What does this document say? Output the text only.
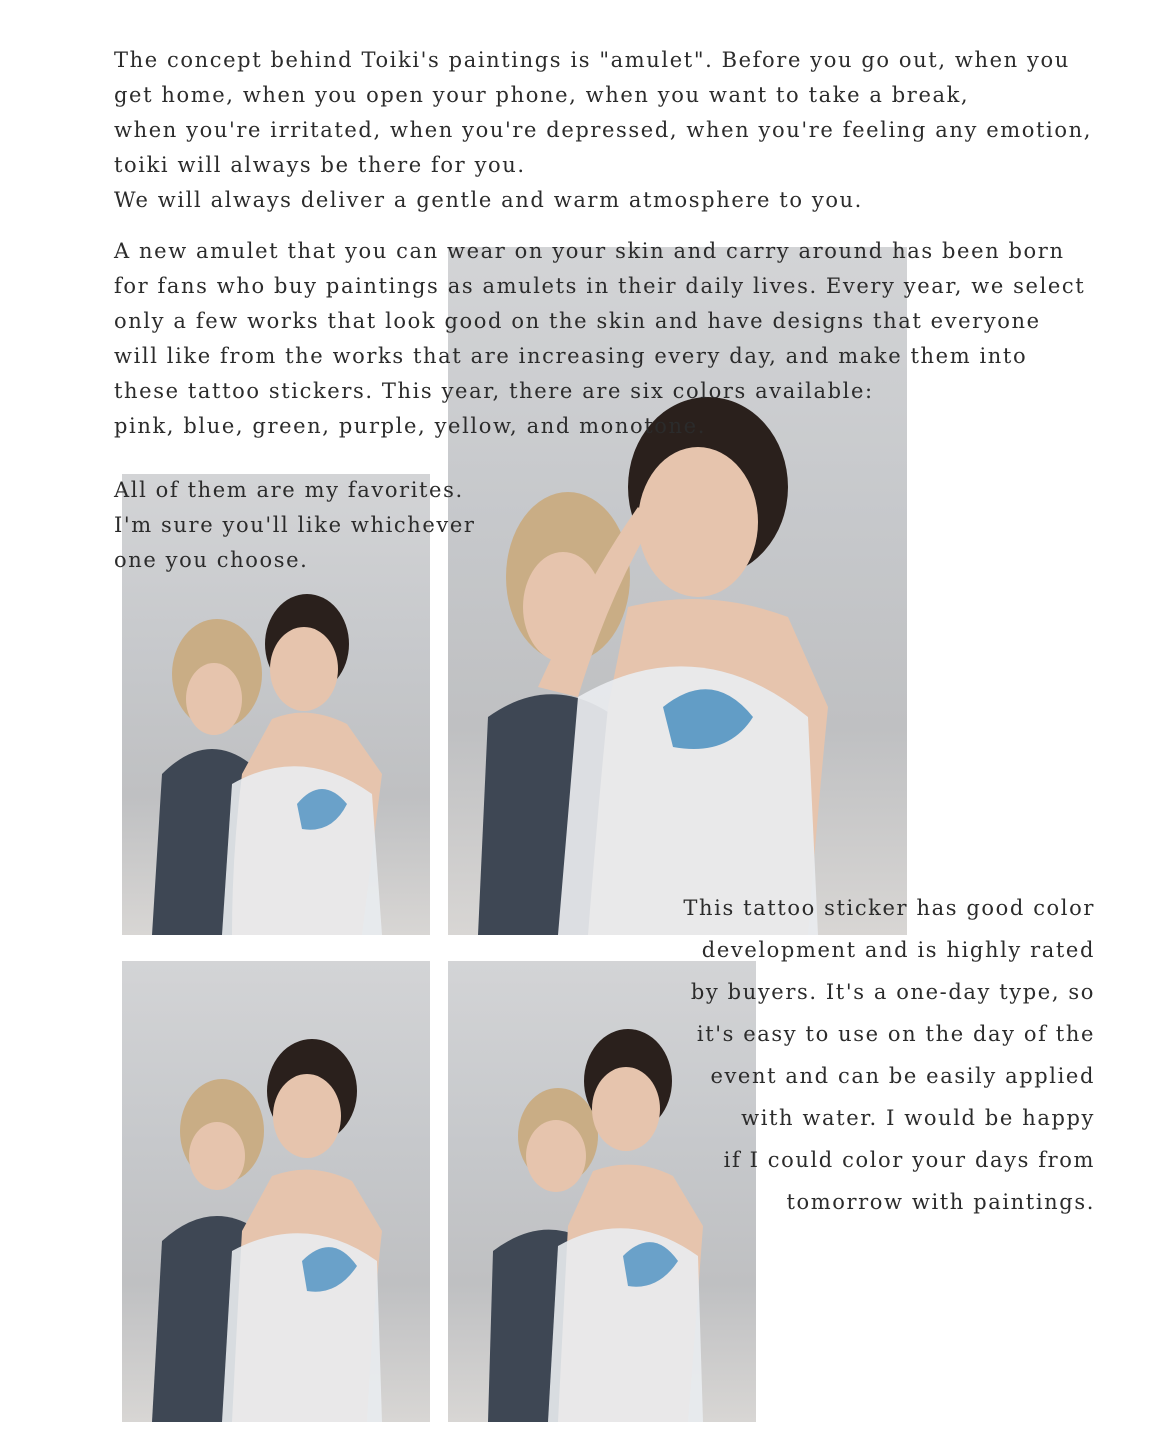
The concept behind Toiki's paintings is "amulet". Before you go out, when you
get home, when you open your phone, when you want to take a break,
when you're irritated, when you're depressed, when you're feeling any emotion,
toiki will always be there for you.
We will always deliver a gentle and warm atmosphere to you.

A new amulet that you can wear on your skin and carry around has been born
for fans who buy paintings as amulets in their daily lives. Every year, we select
only a few works that look good on the skin and have designs that everyone
will like from the works that are increasing every day, and make them into
these tattoo stickers. This year, there are six colors available:
pink, blue, green, purple, yellow, and monotone.

All of them are my favorites.
I'm sure you'll like whichever
one you choose.

This tattoo sticker has good color
development and is highly rated
by buyers. It's a one-day type, so
it's easy to use on the day of the
event and can be easily applied
with water. I would be happy
if I could color your days from
tomorrow with paintings.
